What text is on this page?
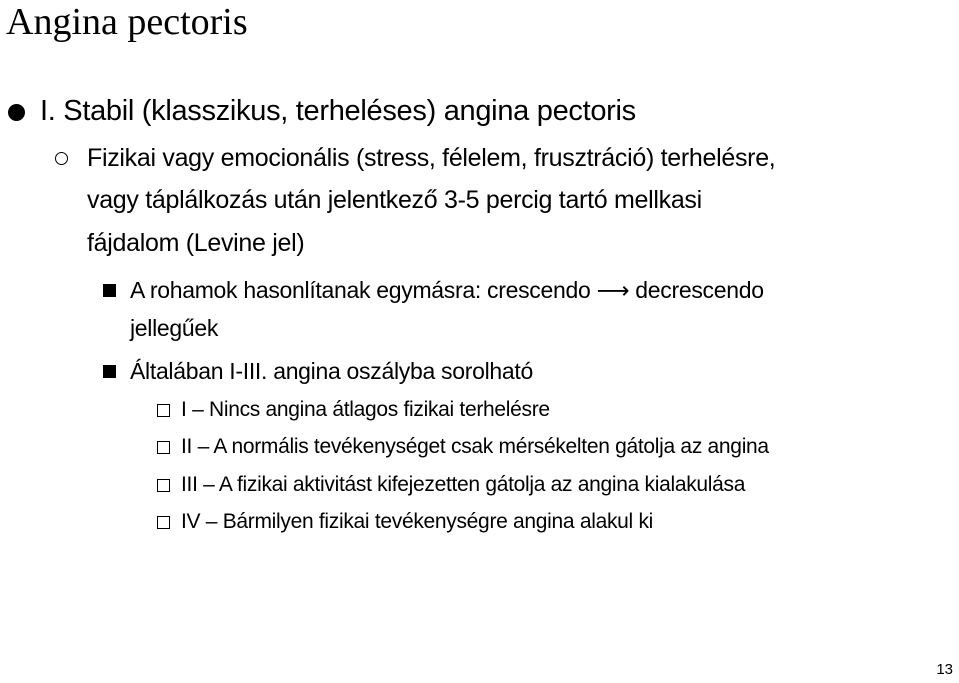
Angina pectoris
I. Stabil (klasszikus, terheléses) angina pectoris
Fizikai vagy emocionális (stress, félelem, frusztráció) terhelésre,
vagy táplálkozás után jelentkező 3-5 percig tartó mellkasi
fájdalom (Levine jel)
A rohamok hasonlítanak egymásra: crescendo ⟶ decrescendo
jellegűek
Általában I-III. angina oszályba sorolható
I – Nincs angina átlagos fizikai terhelésre
II – A normális tevékenységet csak mérsékelten gátolja az angina
III – A fizikai aktivitást kifejezetten gátolja az angina kialakulása
IV – Bármilyen fizikai tevékenységre angina alakul ki
13
